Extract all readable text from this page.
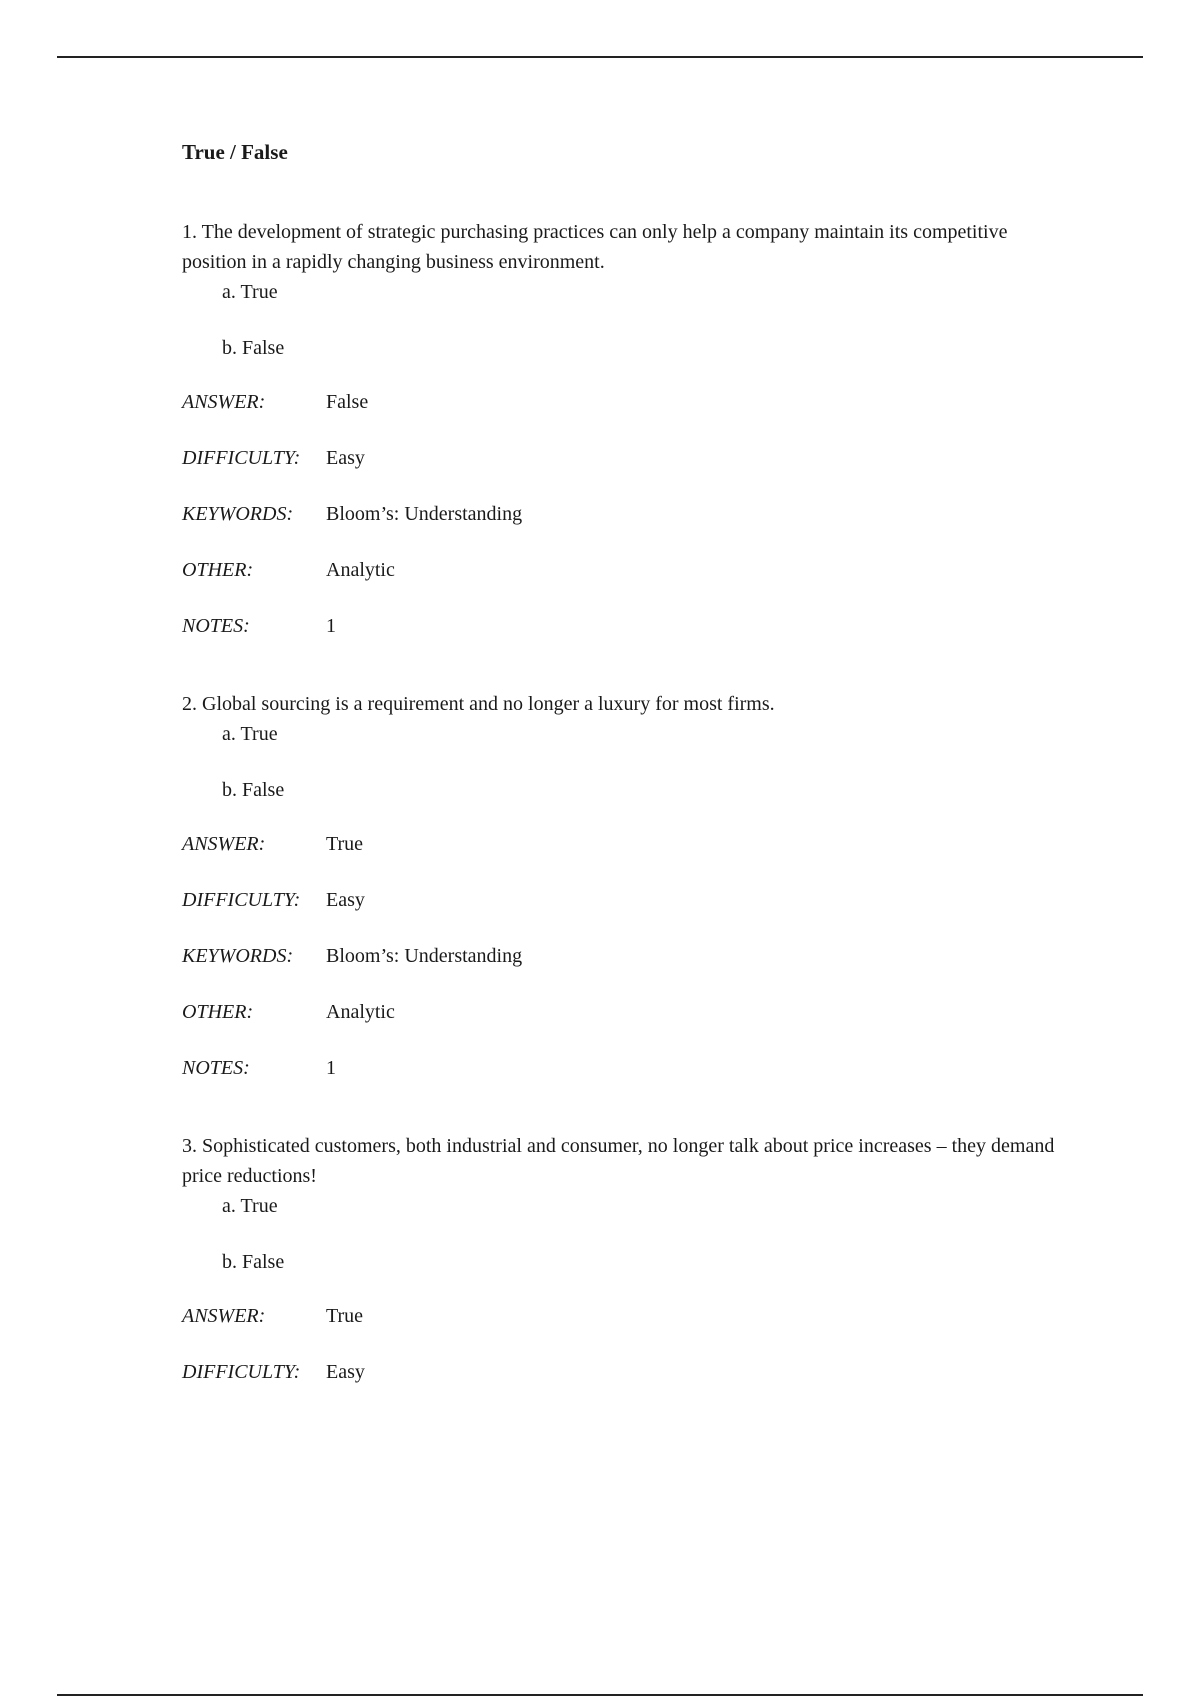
True / False

1. The development of strategic purchasing practices can only help a company maintain its competitive position in a rapidly changing business environment.

a. True
b. False
ANSWER:	False
DIFFICULTY:	Easy
KEYWORDS:	Bloom’s: Understanding
OTHER:	Analytic
NOTES:	1

2. Global sourcing is a requirement and no longer a luxury for most firms.

a. True
b. False
ANSWER:	True
DIFFICULTY:	Easy
KEYWORDS:	Bloom’s: Understanding
OTHER:	Analytic
NOTES:	1

3. Sophisticated customers, both industrial and consumer, no longer talk about price increases – they demand price reductions!

a. True
b. False
ANSWER:	True
DIFFICULTY:	Easy
